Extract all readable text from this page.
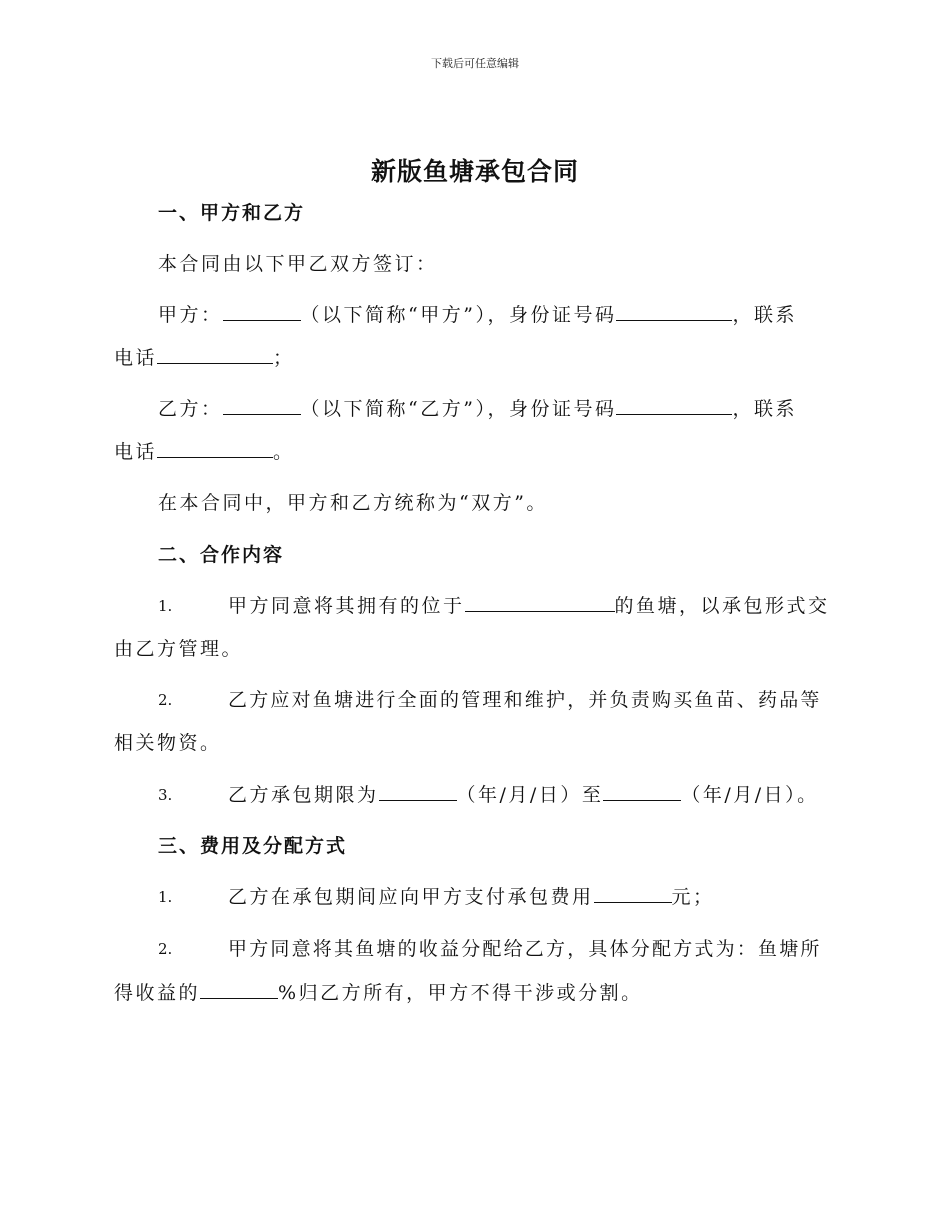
下载后可任意编辑
新版鱼塘承包合同
一、甲方和乙方
本合同由以下甲乙双方签订：
甲方：	（以下简称“甲方”），身份证号码	，联系
电话	；
乙方：	（以下简称“乙方”），身份证号码	，联系
电话	。
在本合同中，甲方和乙方统称为“双方”。
二、合作内容
1.	甲方同意将其拥有的位于	的鱼塘，以承包形式交
由乙方管理。
2.	乙方应对鱼塘进行全面的管理和维护，并负责购买鱼苗、药品等
相关物资。
3.	乙方承包期限为	（年/月/日）至	（年/月/日）。
三、费用及分配方式
1.	乙方在承包期间应向甲方支付承包费用	元；
2.	甲方同意将其鱼塘的收益分配给乙方，具体分配方式为：鱼塘所
得收益的	%归乙方所有，甲方不得干涉或分割。
